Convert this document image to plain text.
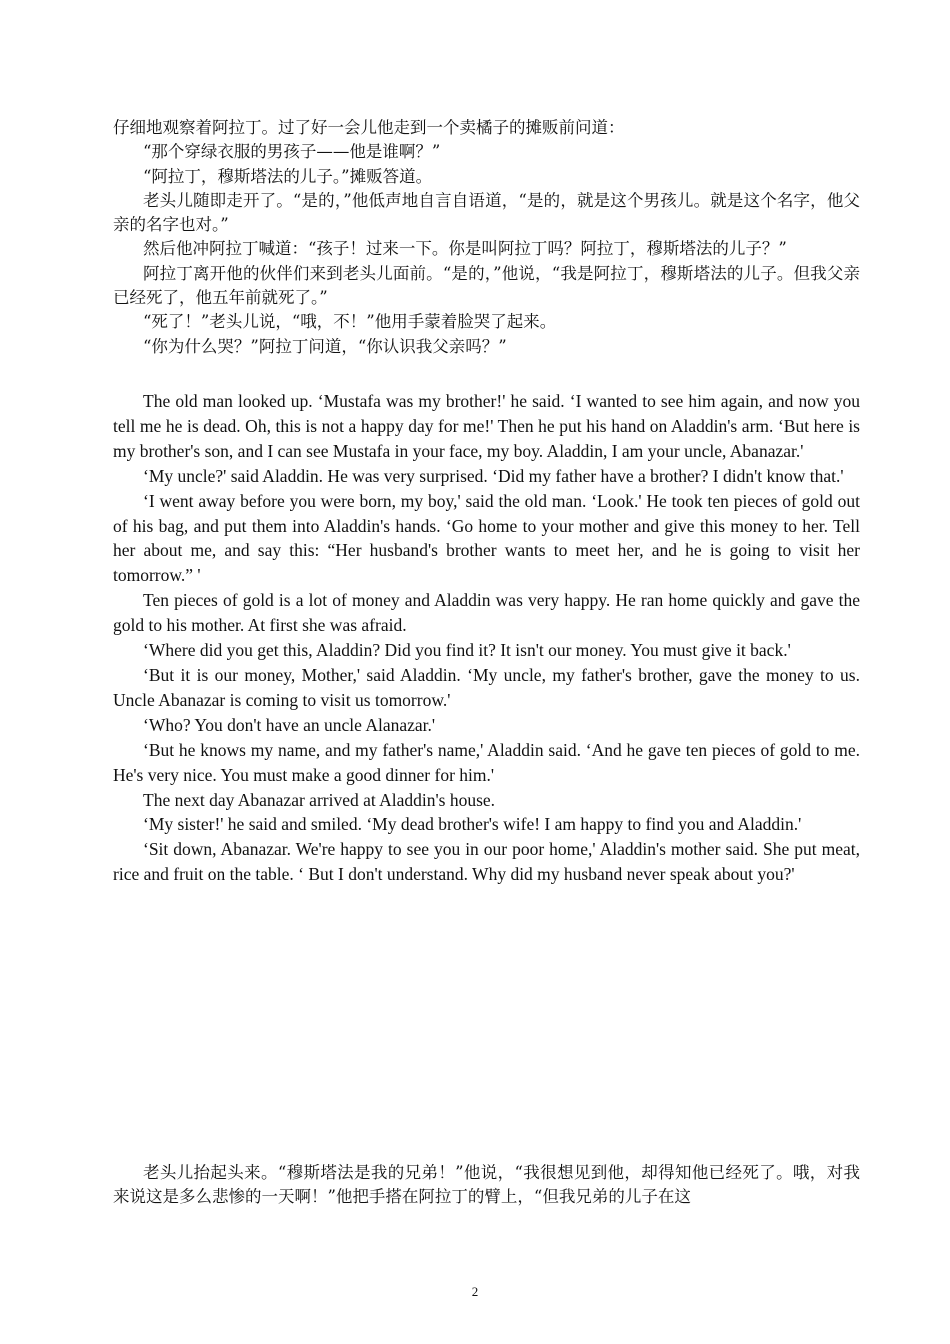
仔细地观察着阿拉丁。过了好一会儿他走到一个卖橘子的摊贩前问道：

“那个穿绿衣服的男孩子——他是谁啊？”

“阿拉丁，穆斯塔法的儿子。”摊贩答道。

老头儿随即走开了。“是的，”他低声地自言自语道，“是的，就是这个男孩儿。就是这个名字，他父亲的名字也对。”

然后他冲阿拉丁喊道：“孩子！过来一下。你是叫阿拉丁吗？阿拉丁，穆斯塔法的儿子？”

阿拉丁离开他的伙伴们来到老头儿面前。“是的，”他说，“我是阿拉丁，穆斯塔法的儿子。但我父亲已经死了，他五年前就死了。”

“死了！”老头儿说，“哦，不！”他用手蒙着脸哭了起来。

“你为什么哭？”阿拉丁问道，“你认识我父亲吗？”

The old man looked up. ‘Mustafa was my brother!' he said. ‘I wanted to see him again, and now you tell me he is dead. Oh, this is not a happy day for me!' Then he put his hand on Aladdin's arm. ‘But here is my brother's son, and I can see Mustafa in your face, my boy. Aladdin, I am your uncle, Abanazar.'

‘My uncle?' said Aladdin. He was very surprised. ‘Did my father have a brother? I didn't know that.'

‘I went away before you were born, my boy,' said the old man. ‘Look.' He took ten pieces of gold out of his bag, and put them into Aladdin's hands. ‘Go home to your mother and give this money to her. Tell her about me, and say this: “Her husband's brother wants to meet her, and he is going to visit her tomorrow.” '

Ten pieces of gold is a lot of money and Aladdin was very happy. He ran home quickly and gave the gold to his mother. At first she was afraid.

‘Where did you get this, Aladdin? Did you find it? It isn't our money. You must give it back.'

‘But it is our money, Mother,' said Aladdin. ‘My uncle, my father's brother, gave the money to us. Uncle Abanazar is coming to visit us tomorrow.'

‘Who? You don't have an uncle Alanazar.'

‘But he knows my name, and my father's name,' Aladdin said. ‘And he gave ten pieces of gold to me. He's very nice. You must make a good dinner for him.'

The next day Abanazar arrived at Aladdin's house.

‘My sister!' he said and smiled. ‘My dead brother's wife! I am happy to find you and Aladdin.'

‘Sit down, Abanazar. We're happy to see you in our poor home,' Aladdin's mother said. She put meat, rice and fruit on the table. ‘ But I don't understand. Why did my husband never speak about you?'

老头儿抬起头来。“穆斯塔法是我的兄弟！”他说，“我很想见到他，却得知他已经死了。哦，对我来说这是多么悲惨的一天啊！”他把手搭在阿拉丁的臂上，“但我兄弟的儿子在这

2
